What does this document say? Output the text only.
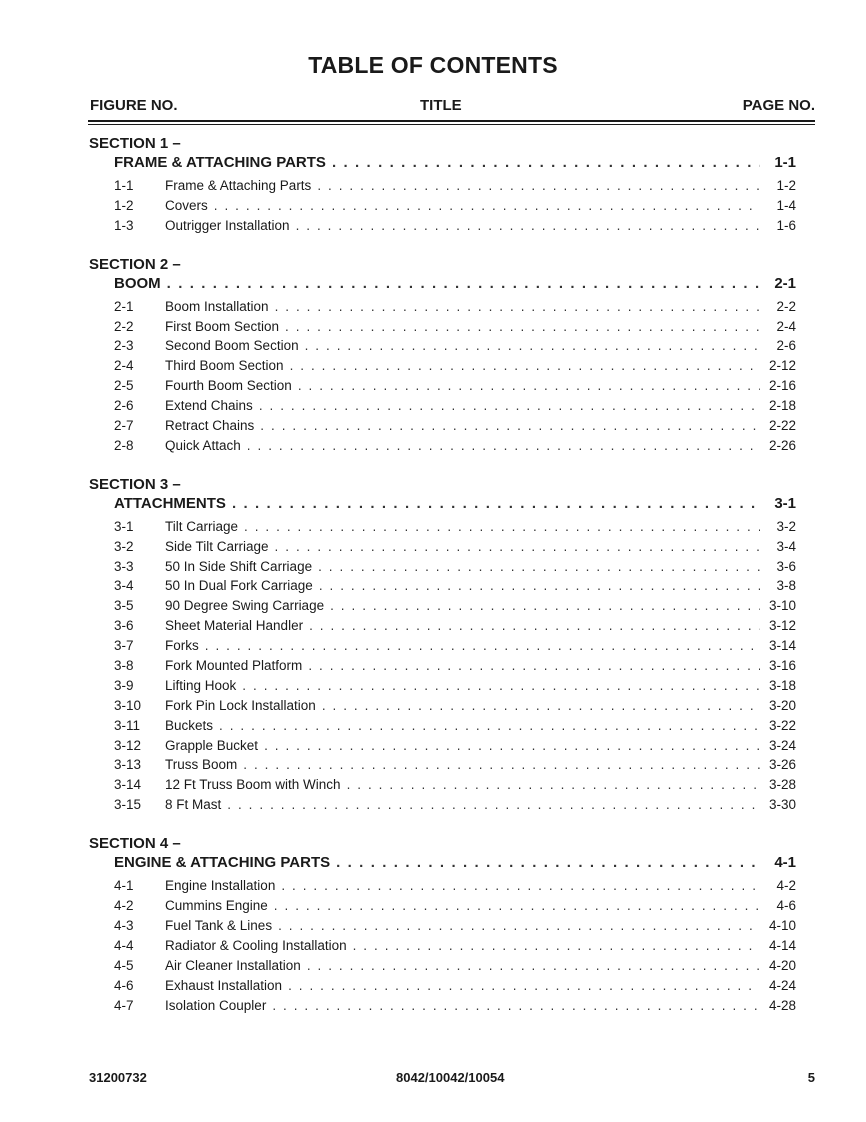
TABLE OF CONTENTS
FIGURE NO.	TITLE	PAGE NO.
SECTION 1 –
FRAME & ATTACHING PARTS . . .	1-1
1-1	Frame & Attaching Parts . . .	1-2
1-2	Covers . . .	1-4
1-3	Outrigger Installation . . .	1-6
SECTION 2 –
BOOM . . .	2-1
2-1	Boom Installation . . .	2-2
2-2	First Boom Section . . .	2-4
2-3	Second Boom Section . . .	2-6
2-4	Third Boom Section . . .	2-12
2-5	Fourth Boom Section . . .	2-16
2-6	Extend Chains . . .	2-18
2-7	Retract Chains . . .	2-22
2-8	Quick Attach . . .	2-26
SECTION 3 –
ATTACHMENTS . . .	3-1
3-1	Tilt Carriage . . .	3-2
3-2	Side Tilt Carriage . . .	3-4
3-3	50 In Side Shift Carriage . . .	3-6
3-4	50 In Dual Fork Carriage . . .	3-8
3-5	90 Degree Swing Carriage . . .	3-10
3-6	Sheet Material Handler . . .	3-12
3-7	Forks . . .	3-14
3-8	Fork Mounted Platform . . .	3-16
3-9	Lifting Hook . . .	3-18
3-10	Fork Pin Lock Installation . . .	3-20
3-11	Buckets . . .	3-22
3-12	Grapple Bucket . . .	3-24
3-13	Truss Boom . . .	3-26
3-14	12 Ft Truss Boom with Winch . . .	3-28
3-15	8 Ft Mast . . .	3-30
SECTION 4 –
ENGINE & ATTACHING PARTS . . .	4-1
4-1	Engine Installation . . .	4-2
4-2	Cummins Engine . . .	4-6
4-3	Fuel Tank & Lines . . .	4-10
4-4	Radiator & Cooling Installation . . .	4-14
4-5	Air Cleaner Installation . . .	4-20
4-6	Exhaust Installation . . .	4-24
4-7	Isolation Coupler . . .	4-28
31200732	8042/10042/10054	5
